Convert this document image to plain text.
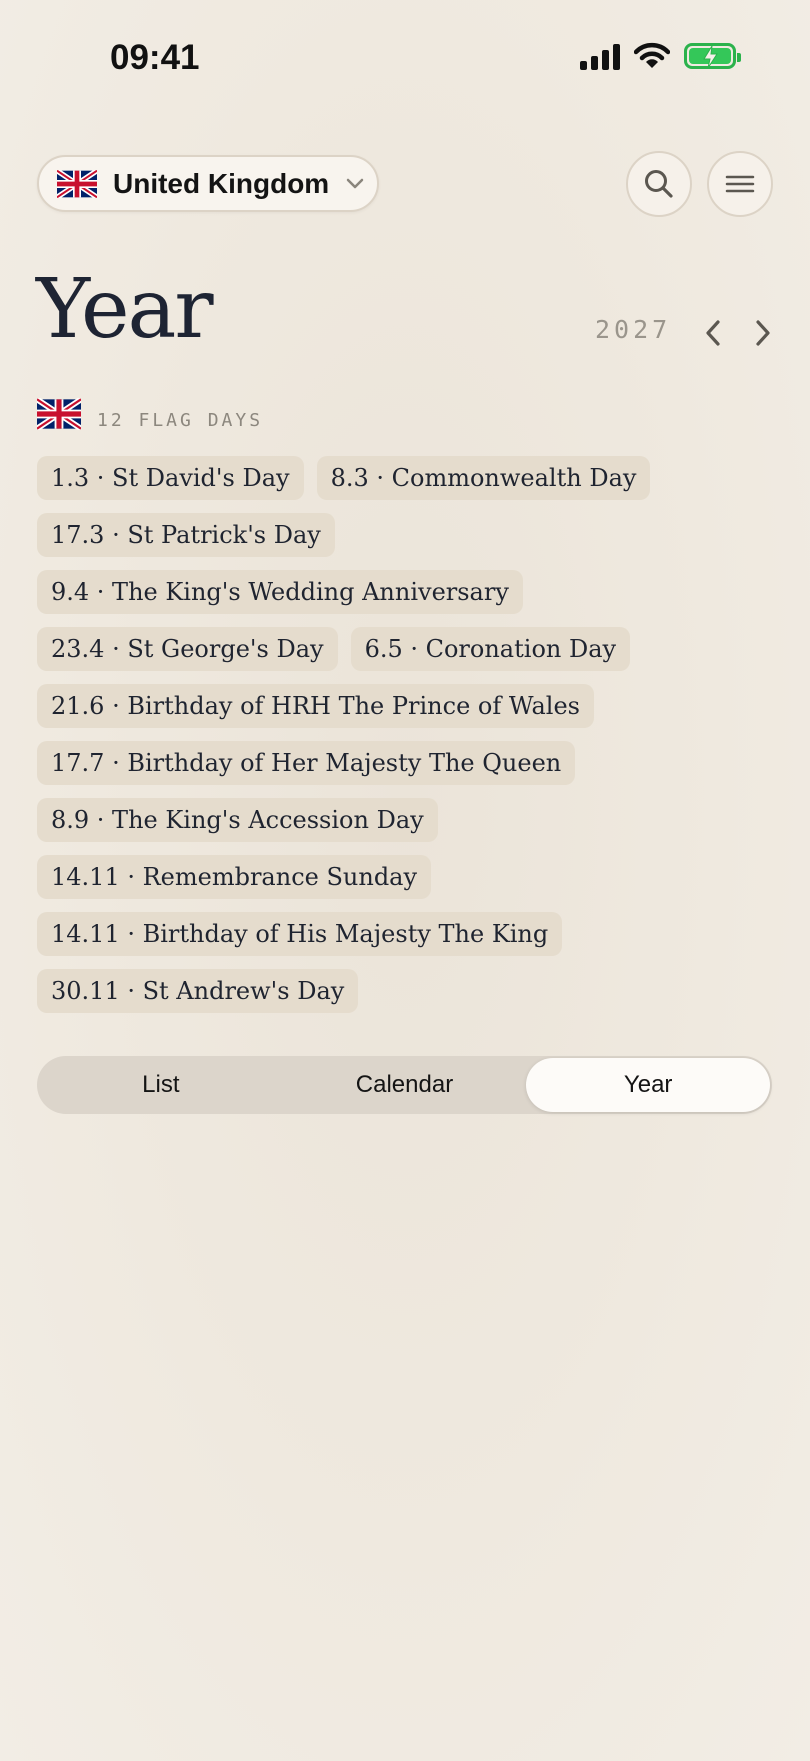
09:41
United Kingdom
Year	2027
12 FLAG DAYS
1.3 · St David's Day	8.3 · Commonwealth Day
17.3 · St Patrick's Day
9.4 · The King's Wedding Anniversary
23.4 · St George's Day	6.5 · Coronation Day
21.6 · Birthday of HRH The Prince of Wales
17.7 · Birthday of Her Majesty The Queen
8.9 · The King's Accession Day
14.11 · Remembrance Sunday
14.11 · Birthday of His Majesty The King
30.11 · St Andrew's Day
List	Calendar	Year
